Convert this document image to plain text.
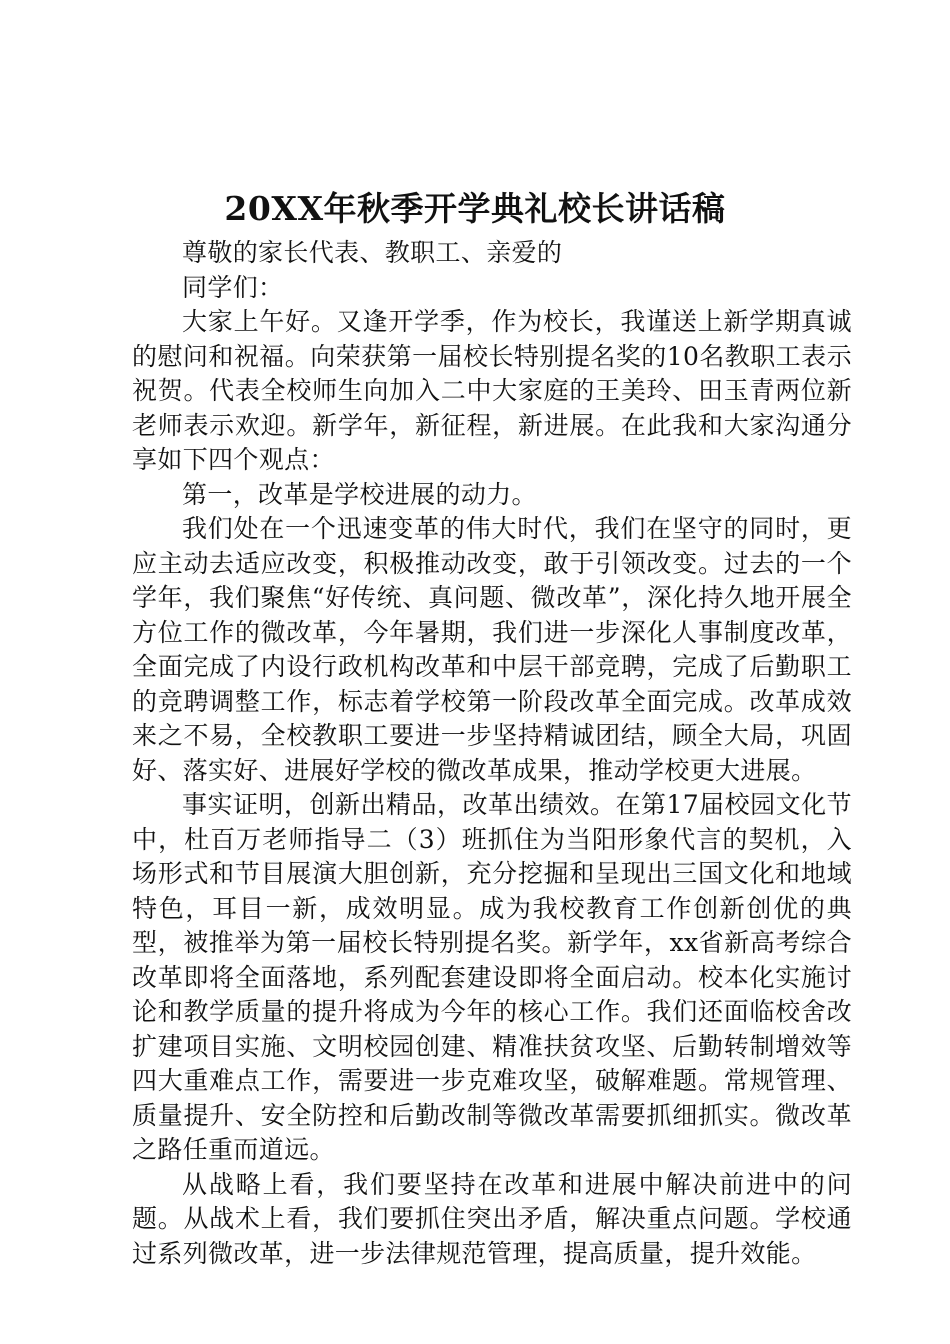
20XX年秋季开学典礼校长讲话稿

尊敬的家长代表、教职工、亲爱的

同学们：

大家上午好。又逢开学季，作为校长，我谨送上新学期真诚的慰问和祝福。向荣获第一届校长特别提名奖的10名教职工表示祝贺。代表全校师生向加入二中大家庭的王美玲、田玉青两位新老师表示欢迎。新学年，新征程，新进展。在此我和大家沟通分享如下四个观点：

第一，改革是学校进展的动力。

我们处在一个迅速变革的伟大时代，我们在坚守的同时，更应主动去适应改变，积极推动改变，敢于引领改变。过去的一个学年，我们聚焦“好传统、真问题、微改革”，深化持久地开展全方位工作的微改革，今年暑期，我们进一步深化人事制度改革，全面完成了内设行政机构改革和中层干部竞聘，完成了后勤职工的竞聘调整工作，标志着学校第一阶段改革全面完成。改革成效来之不易，全校教职工要进一步坚持精诚团结，顾全大局，巩固好、落实好、进展好学校的微改革成果，推动学校更大进展。

事实证明，创新出精品，改革出绩效。在第17届校园文化节中，杜百万老师指导二（3）班抓住为当阳形象代言的契机，入场形式和节目展演大胆创新，充分挖掘和呈现出三国文化和地域特色，耳目一新，成效明显。成为我校教育工作创新创优的典型，被推举为第一届校长特别提名奖。新学年，xx省新高考综合改革即将全面落地，系列配套建设即将全面启动。校本化实施讨论和教学质量的提升将成为今年的核心工作。我们还面临校舍改扩建项目实施、文明校园创建、精准扶贫攻坚、后勤转制增效等四大重难点工作，需要进一步克难攻坚，破解难题。常规管理、质量提升、安全防控和后勤改制等微改革需要抓细抓实。微改革之路任重而道远。

从战略上看，我们要坚持在改革和进展中解决前进中的问题。从战术上看，我们要抓住突出矛盾，解决重点问题。学校通过系列微改革，进一步法律规范管理，提高质量，提升效能。
